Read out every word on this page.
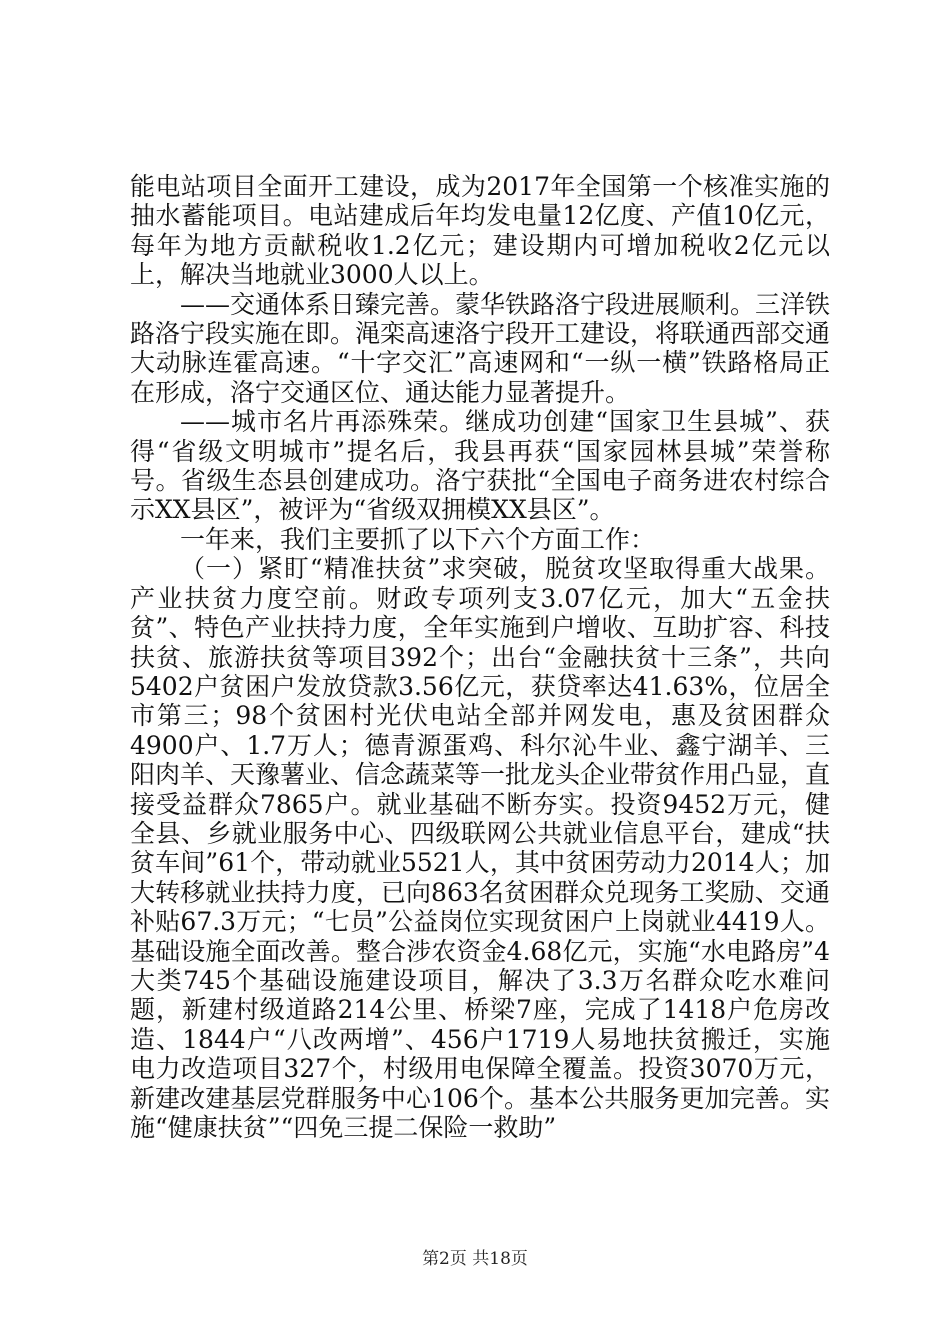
能电站项目全面开工建设，成为2017年全国第一个核准实施的抽水蓄能项目。电站建成后年均发电量12亿度、产值10亿元，每年为地方贡献税收1.2亿元；建设期内可增加税收2亿元以上，解决当地就业3000人以上。

——交通体系日臻完善。蒙华铁路洛宁段进展顺利。三洋铁路洛宁段实施在即。渑栾高速洛宁段开工建设，将联通西部交通大动脉连霍高速。“十字交汇”高速网和“一纵一横”铁路格局正在形成，洛宁交通区位、通达能力显著提升。

——城市名片再添殊荣。继成功创建“国家卫生县城”、获得“省级文明城市”提名后，我县再获“国家园林县城”荣誉称号。省级生态县创建成功。洛宁获批“全国电子商务进农村综合示XX县区”，被评为“省级双拥模XX县区”。

一年来，我们主要抓了以下六个方面工作：

（一）紧盯“精准扶贫”求突破，脱贫攻坚取得重大战果。产业扶贫力度空前。财政专项列支3.07亿元，加大“五金扶贫”、特色产业扶持力度，全年实施到户增收、互助扩容、科技扶贫、旅游扶贫等项目392个；出台“金融扶贫十三条”，共向5402户贫困户发放贷款3.56亿元，获贷率达41.63%，位居全市第三；98个贫困村光伏电站全部并网发电，惠及贫困群众4900户、1.7万人；德青源蛋鸡、科尔沁牛业、鑫宁湖羊、三阳肉羊、天豫薯业、信念蔬菜等一批龙头企业带贫作用凸显，直接受益群众7865户。就业基础不断夯实。投资9452万元，健全县、乡就业服务中心、四级联网公共就业信息平台，建成“扶贫车间”61个，带动就业5521人，其中贫困劳动力2014人；加大转移就业扶持力度，已向863名贫困群众兑现务工奖励、交通补贴67.3万元；“七员”公益岗位实现贫困户上岗就业4419人。基础设施全面改善。整合涉农资金4.68亿元，实施“水电路房”4大类745个基础设施建设项目，解决了3.3万名群众吃水难问题，新建村级道路214公里、桥梁7座，完成了1418户危房改造、1844户“八改两增”、456户1719人易地扶贫搬迁，实施电力改造项目327个，村级用电保障全覆盖。投资3070万元，新建改建基层党群服务中心106个。基本公共服务更加完善。实施“健康扶贫”“四免三提二保险一救助”

第2页 共18页
